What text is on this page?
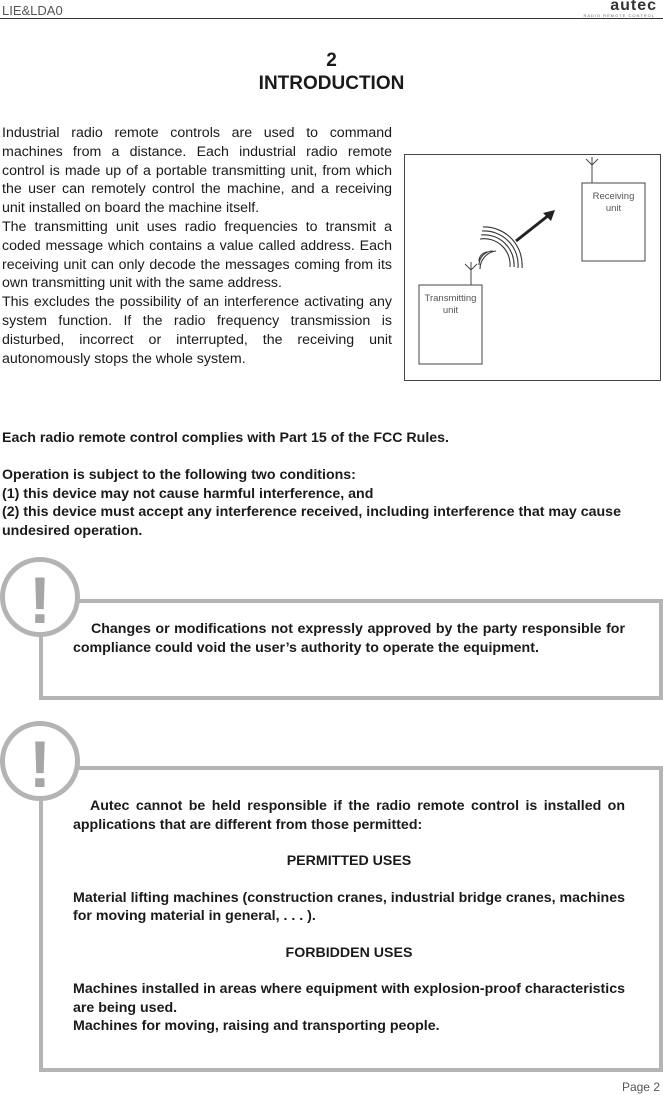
LIE&LDA0	autec
RADIO REMOTE CONTROL
2
INTRODUCTION

Industrial radio remote controls are used to command machines from a distance. Each industrial radio remote control is made up of a portable transmitting unit, from which the user can remotely control the machine, and a receiving unit installed on board the machine itself.

The transmitting unit uses radio frequencies to transmit a coded message which contains a value called address. Each receiving unit can only decode the messages coming from its own transmitting unit with the same address.

This excludes the possibility of an interference activating any system function. If the radio frequency transmission is disturbed, incorrect or interrupted, the receiving unit autonomously stops the whole system.

Receiving
unit
Transmitting
unit
Each radio remote control complies with Part 15 of the FCC Rules.
Operation is subject to the following two conditions:
(1) this device may not cause harmful interference, and
(2) this device must accept any interference received, including interference that may cause undesired operation.
!	Changes or modifications not expressly approved by the party responsible for compliance could void the user’s authority to operate the equipment.
!

Autec cannot be held responsible if the radio remote control is installed on applications that are different from those permitted:

PERMITTED USES

Material lifting machines (construction cranes, industrial bridge cranes, machines for moving material in general, . . . ).

FORBIDDEN USES

Machines installed in areas where equipment with explosion-proof characteristics are being used.

Machines for moving, raising and transporting people.

Page 2
